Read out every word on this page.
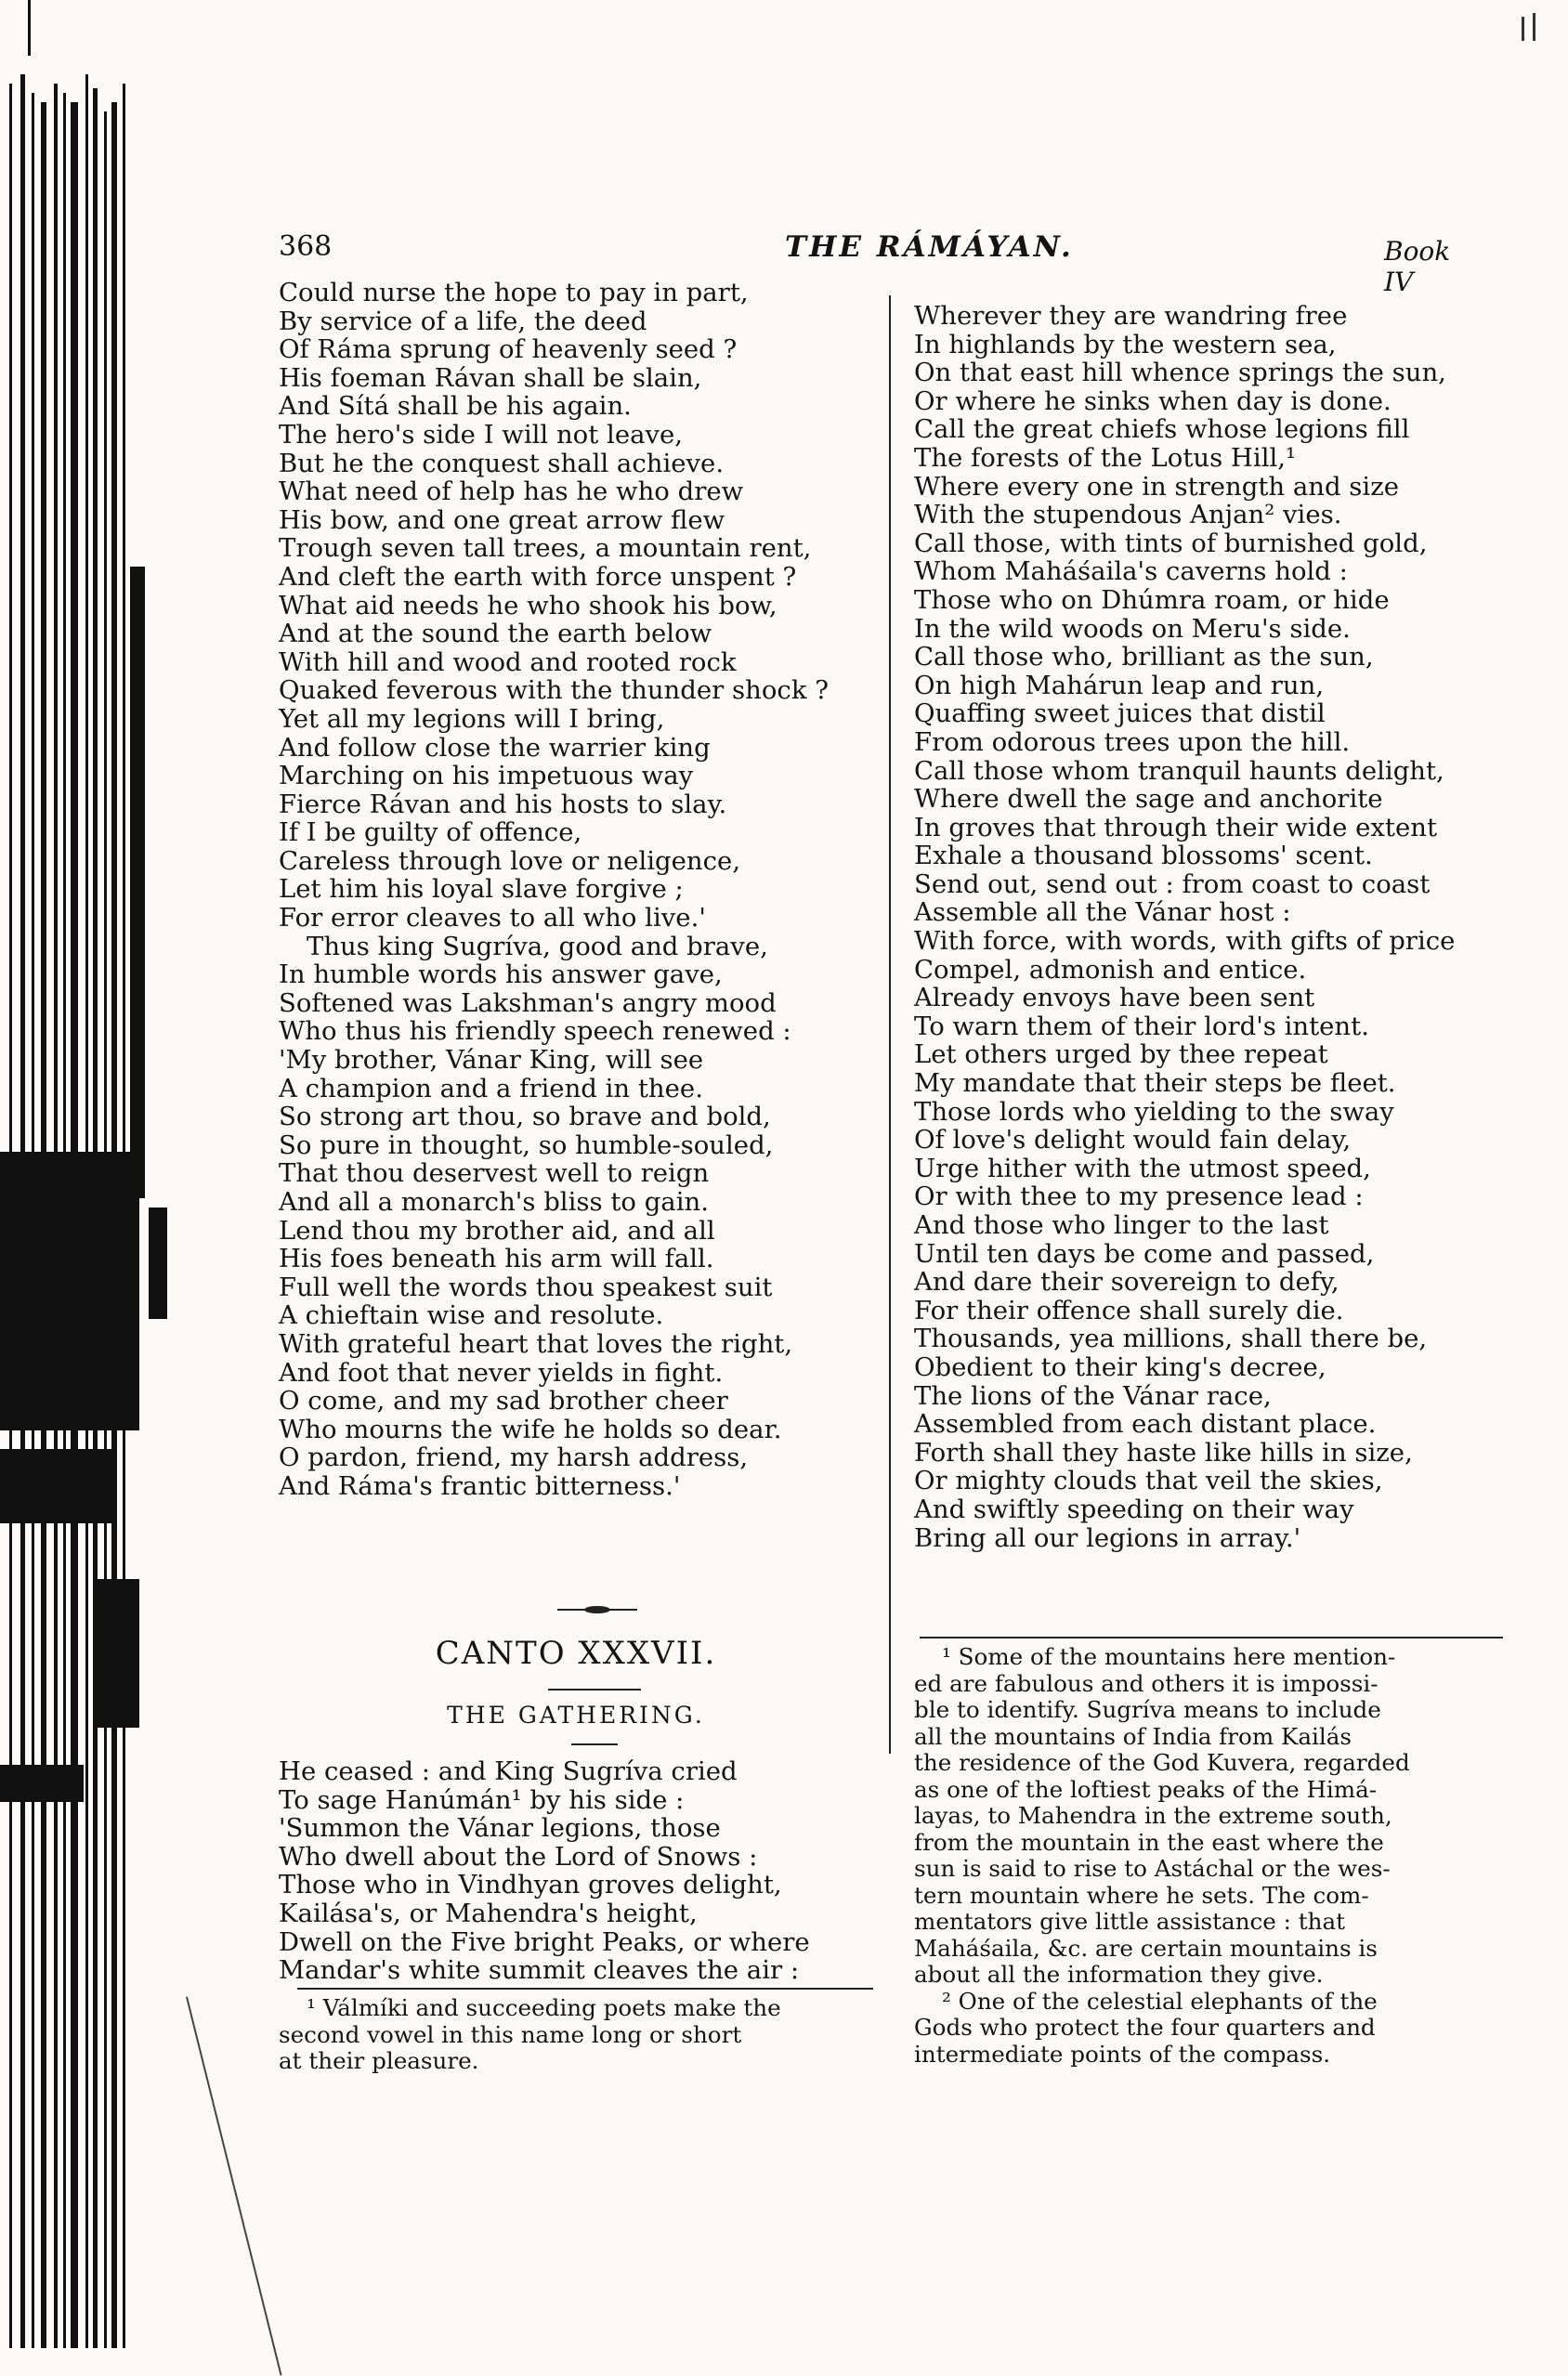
368	THE RÁMÁYAN.	Book IV
Could nurse the hope to pay in part,
By service of a life, the deed
Of Ráma sprung of heavenly seed ?
His foeman Rávan shall be slain,
And Sítá shall be his again.
The hero's side I will not leave,
But he the conquest shall achieve.
What need of help has he who drew
His bow, and one great arrow flew
Trough seven tall trees, a mountain rent,
And cleft the earth with force unspent ?
What aid needs he who shook his bow,
And at the sound the earth below
With hill and wood and rooted rock
Quaked feverous with the thunder shock ?
Yet all my legions will I bring,
And follow close the warrier king
Marching on his impetuous way
Fierce Rávan and his hosts to slay.
If I be guilty of offence,
Careless through love or neligence,
Let him his loyal slave forgive ;
For error cleaves to all who live.'
Thus king Sugríva, good and brave,
In humble words his answer gave,
Softened was Lakshman's angry mood
Who thus his friendly speech renewed :
'My brother, Vánar King, will see
A champion and a friend in thee.
So strong art thou, so brave and bold,
So pure in thought, so humble-souled,
That thou deservest well to reign
And all a monarch's bliss to gain.
Lend thou my brother aid, and all
His foes beneath his arm will fall.
Full well the words thou speakest suit
A chieftain wise and resolute.
With grateful heart that loves the right,
And foot that never yields in fight.
O come, and my sad brother cheer
Who mourns the wife he holds so dear.
O pardon, friend, my harsh address,
And Ráma's frantic bitterness.'
CANTO XXXVII.
THE GATHERING.
He ceased : and King Sugríva cried
To sage Hanúmán¹ by his side :
'Summon the Vánar legions, those
Who dwell about the Lord of Snows :
Those who in Vindhyan groves delight,
Kailása's, or Mahendra's height,
Dwell on the Five bright Peaks, or where
Mandar's white summit cleaves the air :
¹ Válmíki and succeeding poets make the
second vowel in this name long or short
at their pleasure.
Wherever they are wandring free
In highlands by the western sea,
On that east hill whence springs the sun,
Or where he sinks when day is done.
Call the great chiefs whose legions fill
The forests of the Lotus Hill,¹
Where every one in strength and size
With the stupendous Anjan² vies.
Call those, with tints of burnished gold,
Whom Maháśaila's caverns hold :
Those who on Dhúmra roam, or hide
In the wild woods on Meru's side.
Call those who, brilliant as the sun,
On high Mahárun leap and run,
Quaffing sweet juices that distil
From odorous trees upon the hill.
Call those whom tranquil haunts delight,
Where dwell the sage and anchorite
In groves that through their wide extent
Exhale a thousand blossoms' scent.
Send out, send out : from coast to coast
Assemble all the Vánar host :
With force, with words, with gifts of price
Compel, admonish and entice.
Already envoys have been sent
To warn them of their lord's intent.
Let others urged by thee repeat
My mandate that their steps be fleet.
Those lords who yielding to the sway
Of love's delight would fain delay,
Urge hither with the utmost speed,
Or with thee to my presence lead :
And those who linger to the last
Until ten days be come and passed,
And dare their sovereign to defy,
For their offence shall surely die.
Thousands, yea millions, shall there be,
Obedient to their king's decree,
The lions of the Vánar race,
Assembled from each distant place.
Forth shall they haste like hills in size,
Or mighty clouds that veil the skies,
And swiftly speeding on their way
Bring all our legions in array.'
¹ Some of the mountains here mention-
ed are fabulous and others it is impossi-
ble to identify. Sugríva means to include
all the mountains of India from Kailás
the residence of the God Kuvera, regarded
as one of the loftiest peaks of the Himá-
layas, to Mahendra in the extreme south,
from the mountain in the east where the
sun is said to rise to Astáchal or the wes-
tern mountain where he sets. The com-
mentators give little assistance : that
Maháśaila, &c. are certain mountains is
about all the information they give.
² One of the celestial elephants of the
Gods who protect the four quarters and
intermediate points of the compass.
